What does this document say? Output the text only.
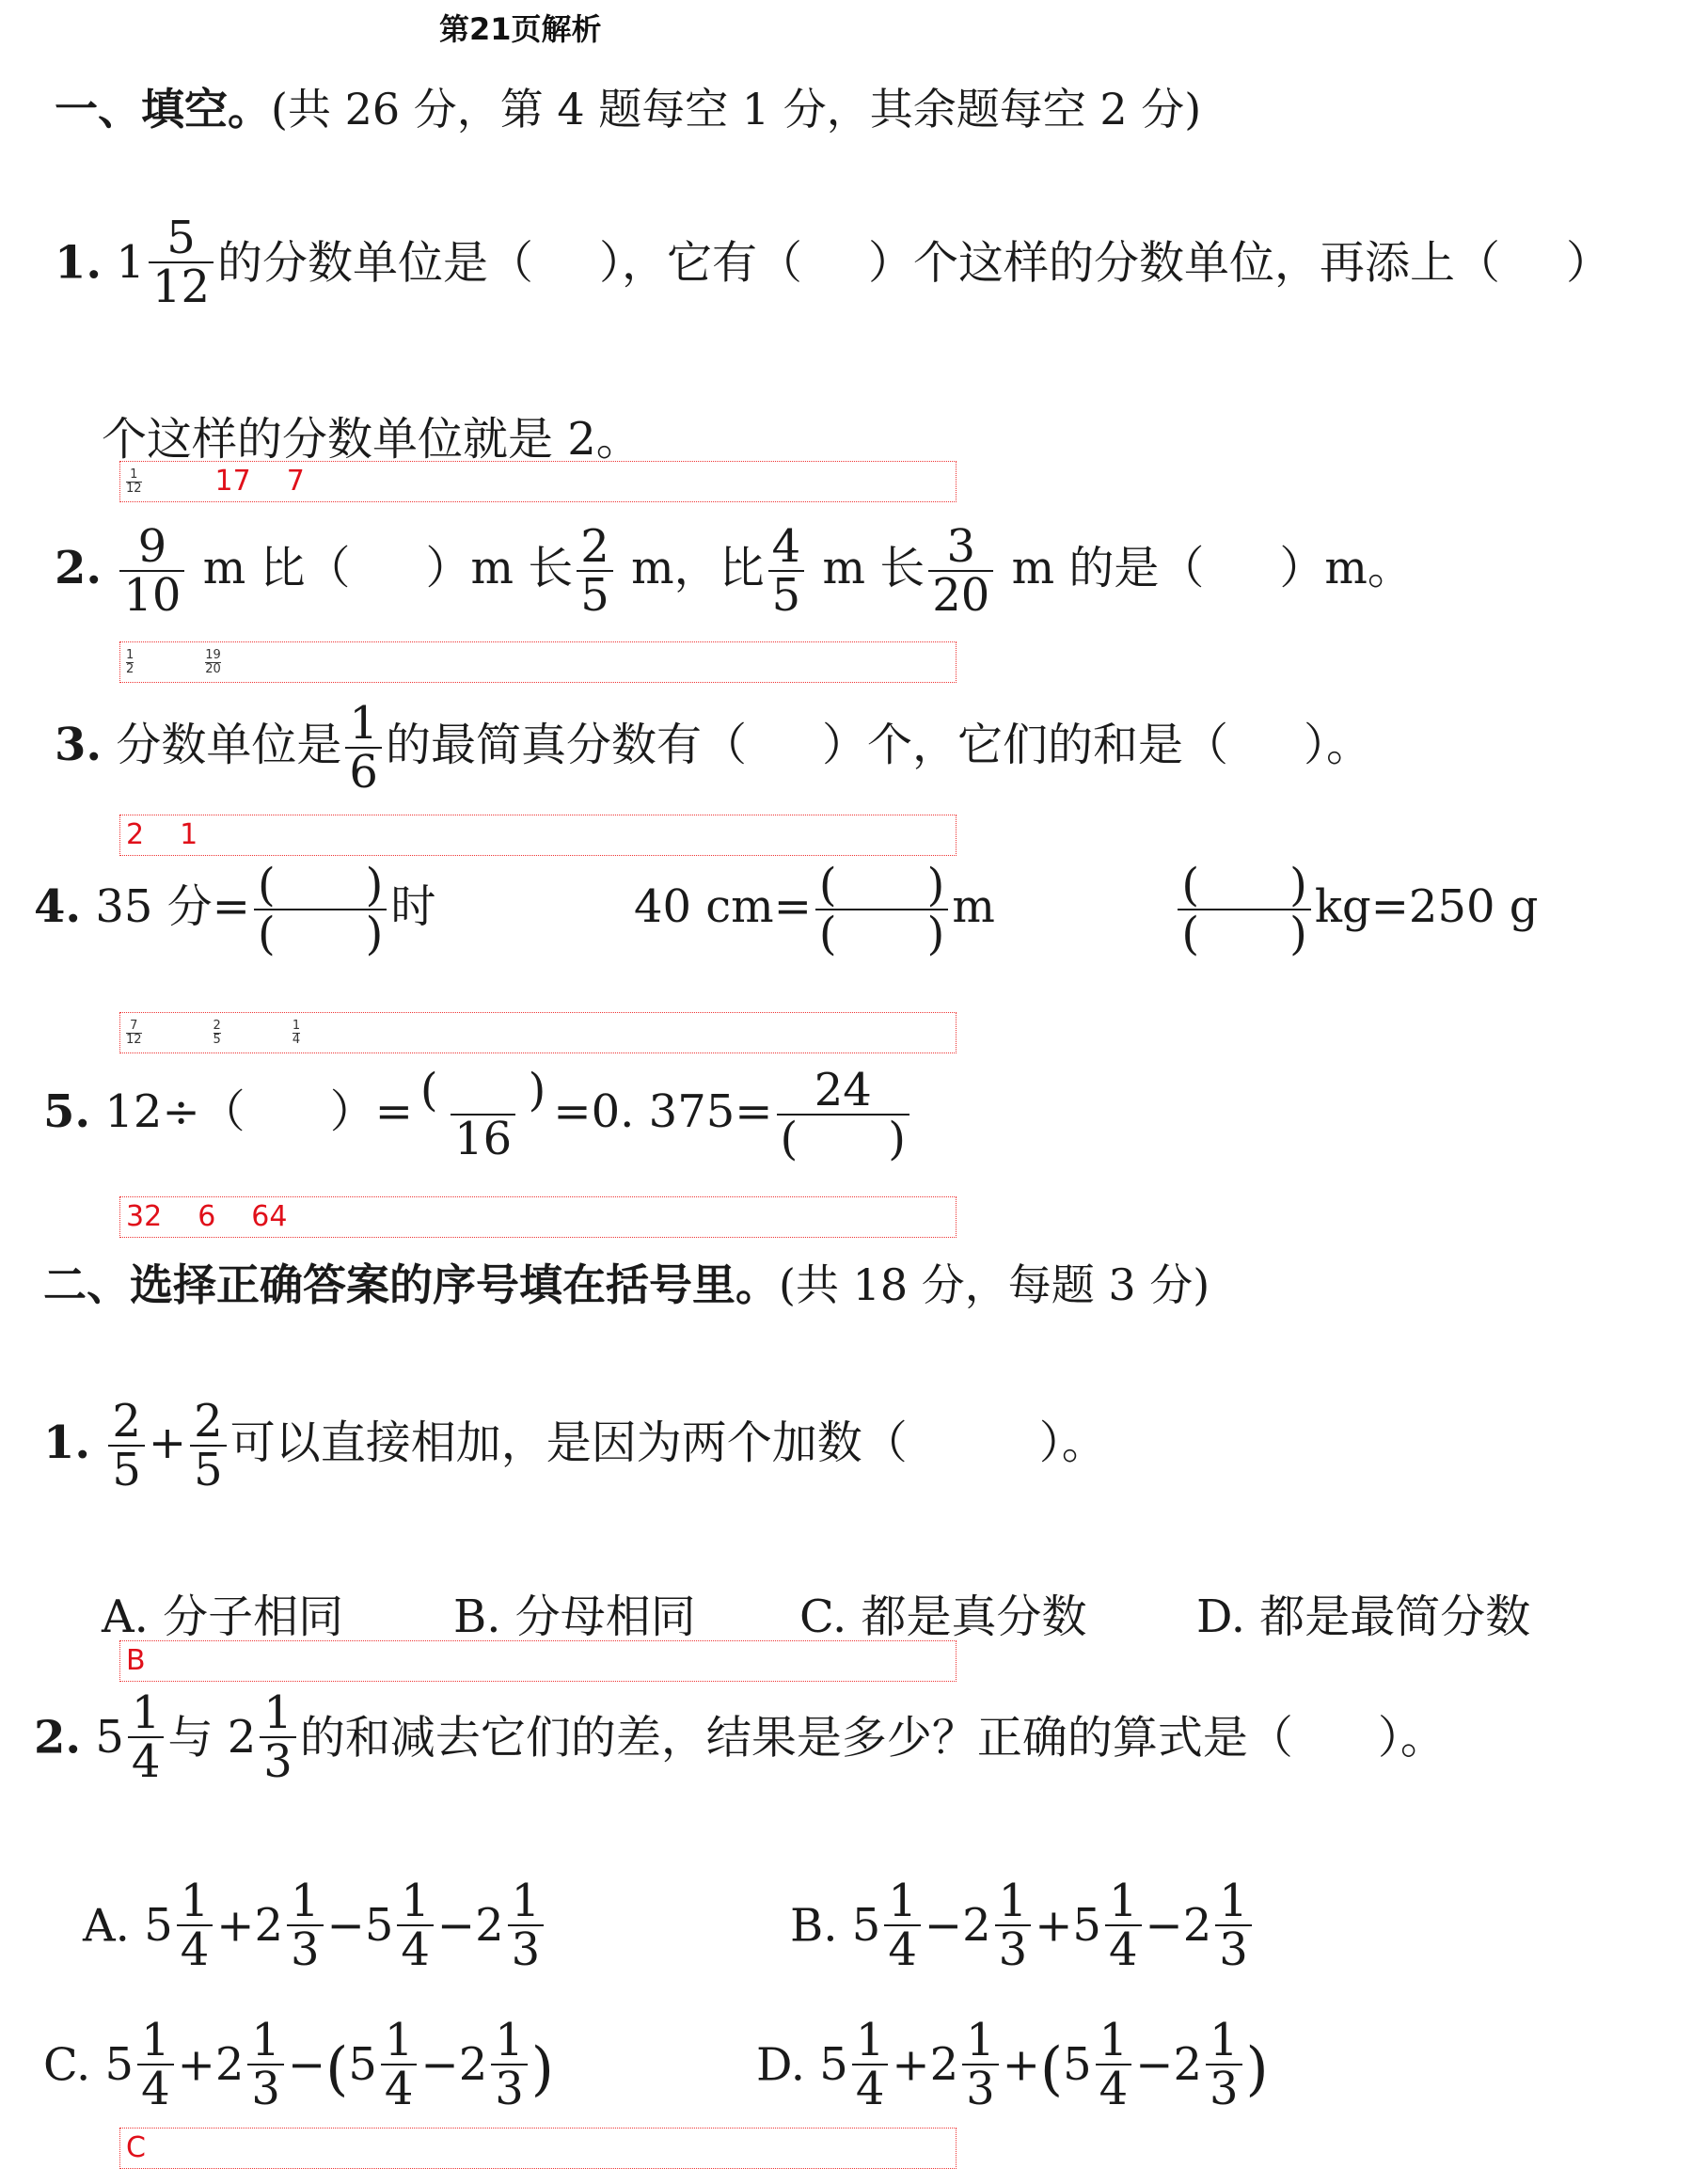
第21页解析
一、填空。(共 26 分，第 4 题每空 1 分，其余题每空 2 分)
1. $1 \frac{5}{12}$ 的分数单位是（ ），它有（ ）个这样的分数单位，再添上（ ）
个这样的分数单位就是 2。
$\frac{1}{12} 17$ 7
2. $\frac{9}{10}$ m 比（ ）m 长 $\frac{2}{5}$ m，比 $\frac{4}{5}$ m 长 $\frac{3}{20}$ m 的是（ ）m。
$\frac{1}{2}$	$\frac{19}{20}$
3. 分数单位是 $\frac{1}{6}$ 的最简真分数有（ ）个，它们的和是（ ）。
2 1
4. 35 分= $\frac{( )}{( )}$ 时	40 $cm= \frac{( )}{( )}$ m	$\frac{( )}{( )} kg=250$ g
$\frac{7}{12}$	$\frac{2}{5}$	$\frac{1}{4}$
5. 12÷（ ）= $\frac{( )}{16} =0$. $375= \frac{24}{( )}$
32 6 64
二、选择正确答案的序号填在括号里。(共 18 分，每题 3 分)
1. $\frac{2}{5} + \frac{2}{5}$ 可以直接相加，是因为两个加数（	）。
A. 分子相同 B. 分母相同 C. 都是真分数 D. 都是最简分数
B
2. $5 \frac{1}{4}$ 与 $2 \frac{1}{3}$ 的和减去它们的差，结果是多少？正确的算式是（ ）。
A. $5 \frac{1}{4} + 2 \frac{1}{3} - 5 \frac{1}{4} - 2 \frac{1}{3}$	B. $5 \frac{1}{4} - 2 \frac{1}{3} + 5 \frac{1}{4} - 2 \frac{1}{3}$
C. $5 \frac{1}{4} + 2 \frac{1}{3}$ −( $5 \frac{1}{4} - 2 \frac{1}{3}$ )	D. $5 \frac{1}{4} + 2 \frac{1}{3}$ +( $5 \frac{1}{4} - 2 \frac{1}{3}$ )
C
